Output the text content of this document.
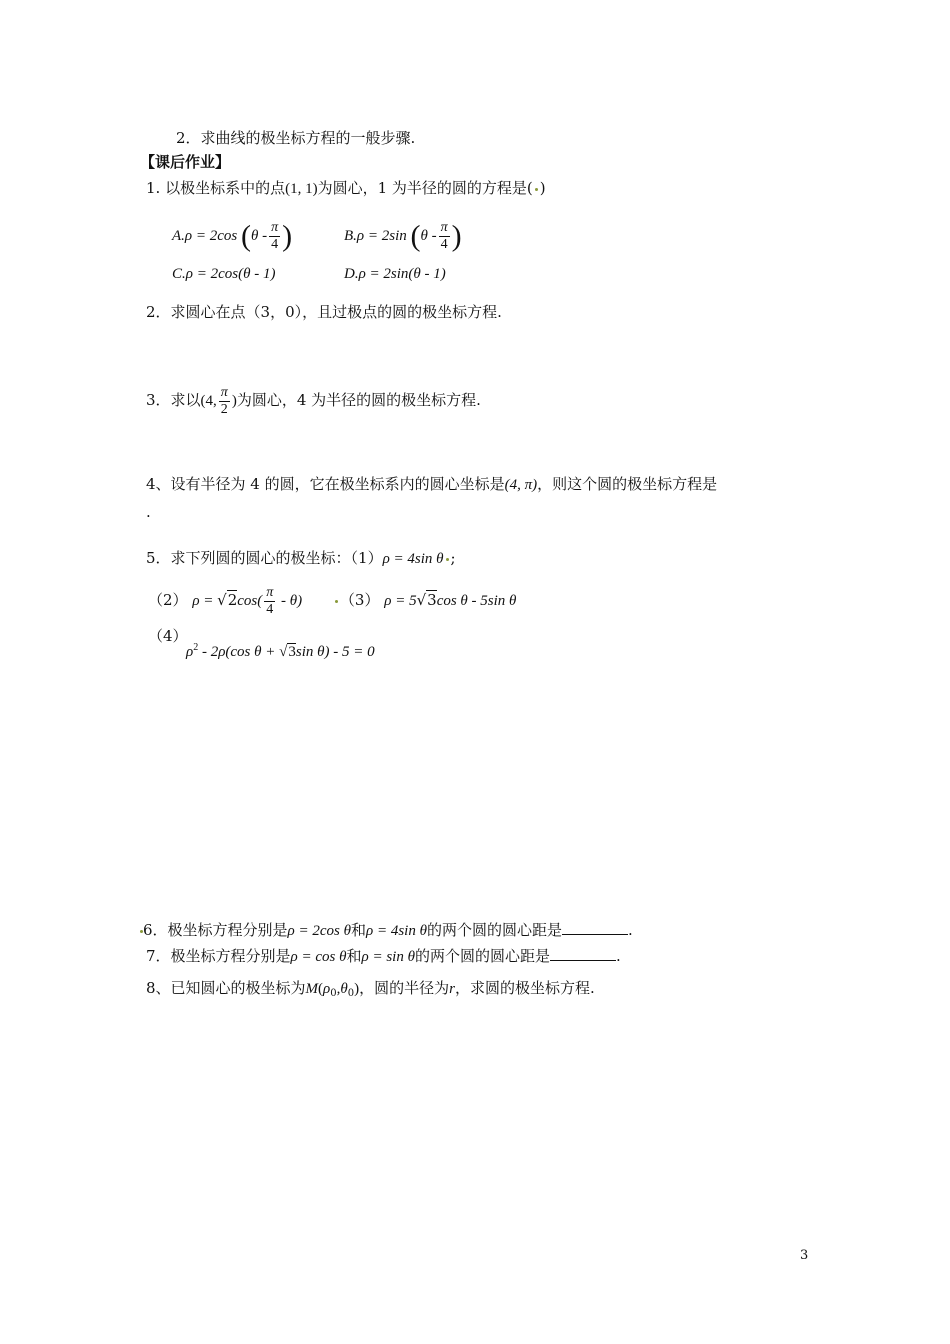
2．求曲线的极坐标方程的一般步骤.
【课后作业】
1. 以极坐标系中的点(1, 1)为圆心，1 为半径的圆的方程是( )
A.ρ = 2cos ($\theta - \frac{\pi}{4}$ )	B.ρ = 2sin ($\theta - \frac{\pi}{4}$ )
C.ρ = 2cos(θ - 1)	D.ρ = 2sin(θ - 1)
2．求圆心在点（3，0），且过极点的圆的极坐标方程.
3．求以(4, $\frac{\pi}{2}$ )为圆心，4 为半径的圆的极坐标方程.
4、设有半径为 4 的圆，它在极坐标系内的圆心坐标是(4, π)，则这个圆的极坐标方程是
.
5．求下列圆的圆心的极坐标：（1）ρ = 4sin θ ;
（2） $\rho = √2\cos( \frac{\pi}{4} - \theta)$	（3） ρ = 5√3cos θ - 5sin θ
（4）
$\rho^2 - 2\rho(\cos$ θ + √3sin θ) - 5 = 0
6．极坐标方程分别是ρ = 2cos θ和ρ = 4sin θ的两个圆的圆心距是	.
7．极坐标方程分别是ρ = cos θ和ρ = sin θ的两个圆的圆心距是	.
8、已知圆心的极坐标为$M(\rho_0,\theta_0)$，圆的半径为r，求圆的极坐标方程.
3
